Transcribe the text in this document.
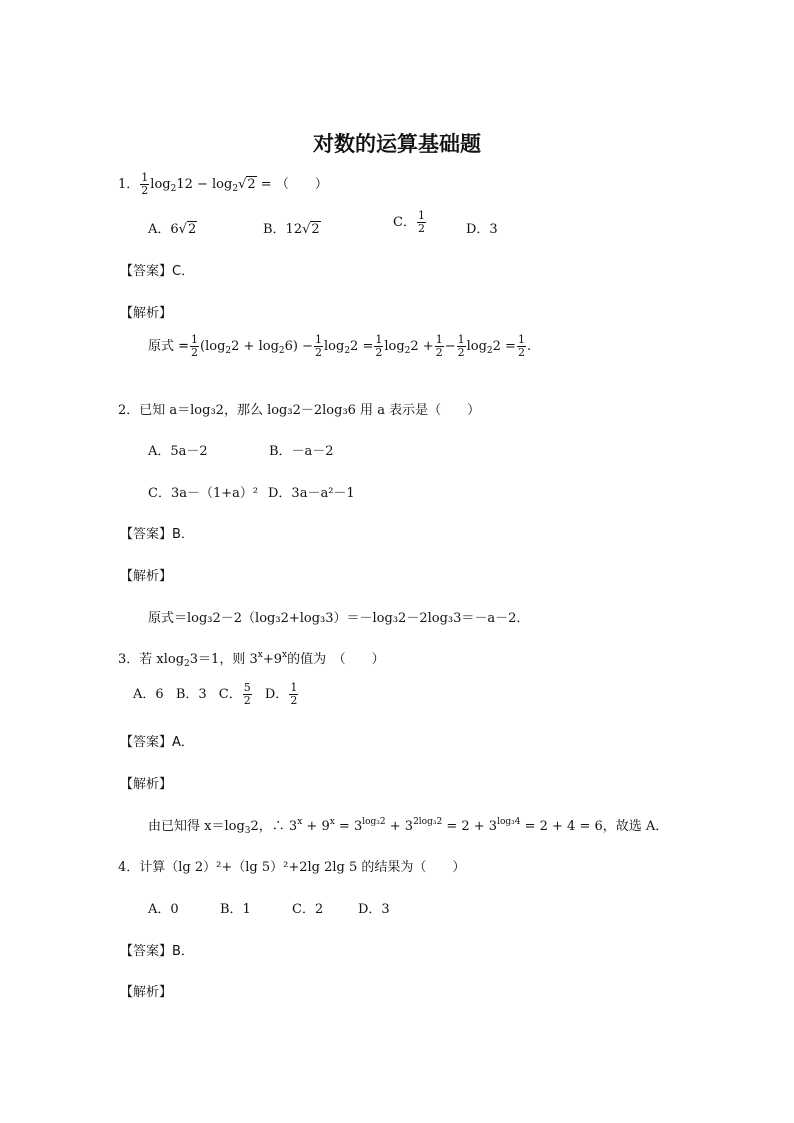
对数的运算基础题
1． $\frac{1}{2} \log_212 - \log_2√2$ = （　　）
A．6√2	B．12√2	C． $\frac{1}{2}$	D．3
【答案】C．
【解析】
原式 = $\frac{1}{2} (\log_22 + \log_26) - \frac{1}{2} \log_22 = \frac{1}{2} \log_22 + \frac{1}{2} - \frac{1}{2} \log_22 = \frac{1}{2}$ .
2．已知 a＝log₃2，那么 log₃2－2log₃6 用 a 表示是（　　）
A．5a－2	B．－a－2
C．3a－（1+a）² D．3a－a²－1
【答案】B．
【解析】
原式＝log₃2－2（log₃2+log₃3）＝－log₃2－2log₃3＝－a－2．
3．若 xlog$_2$3＝1，则 $3^x+9^x$的值为　（　　）
A．6 B．3 C． $\frac{5}{2}$ D． $\frac{1}{2}$
【答案】A．
【解析】
由已知得 $x=\log_32$，∴ $3^x + 9^x = 3^{log_32} + 3^{2log_32} = 2 + 3^{log_34} = 2 + 4 = 6$，故选 A．
4．计算（lg 2）²+（lg 5）²+2lg 2lg 5 的结果为（　　）
A．0	B．1	C．2	D．3
【答案】B．
【解析】
